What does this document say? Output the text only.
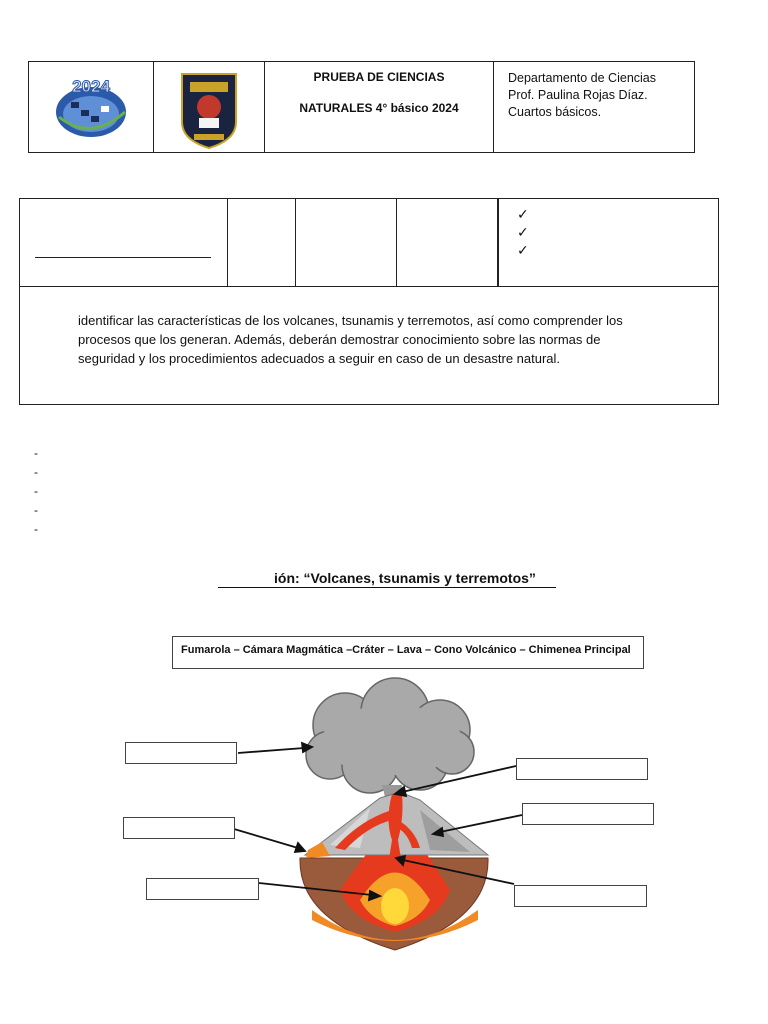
2024	PRUEBA DE CIENCIAS
NATURALES 4° básico 2024
Departamento de Ciencias
Prof. Paulina Rojas Díaz.
Cuartos básicos.
✓
✓
✓
identificar las características de los volcanes, tsunamis y terremotos, así como comprender los procesos que los generan. Además, deberán demostrar conocimiento sobre las normas de seguridad y los procedimientos adecuados a seguir en caso de un desastre natural.
-
-
-
-
-
ión: “Volcanes, tsunamis y terremotos”
Fumarola – Cámara Magmática –Cráter – Lava – Cono Volcánico – Chimenea Principal
